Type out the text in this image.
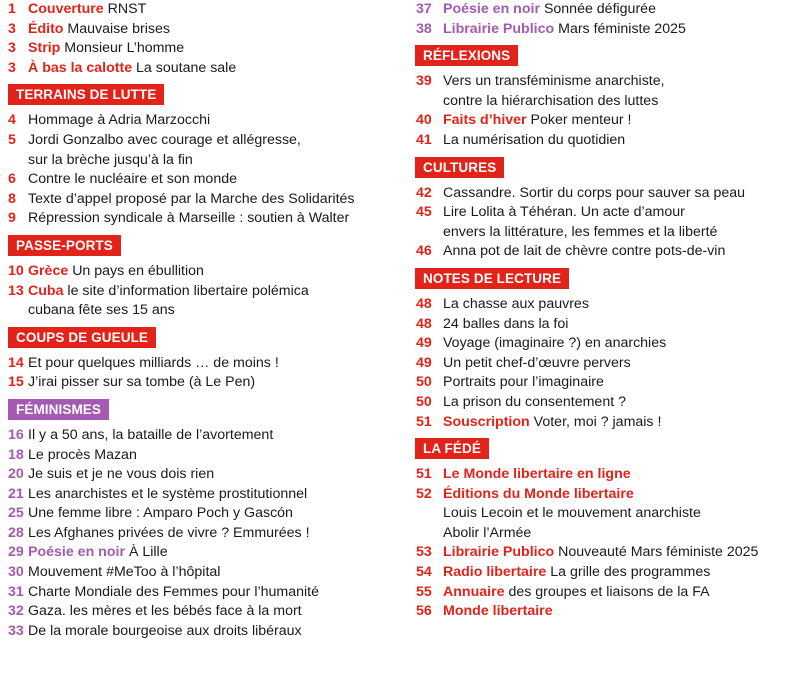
1 Couverture RNST
3 Édito Mauvaise brises
3 Strip Monsieur L’homme
3 À bas la calotte La soutane sale
TERRAINS DE LUTTE
4 Hommage à Adria Marzocchi
5 Jordi Gonzalbo avec courage et allégresse,
sur la brèche jusqu’à la fin
6 Contre le nucléaire et son monde
8 Texte d’appel proposé par la Marche des Solidarités
9 Répression syndicale à Marseille : soutien à Walter
PASSE-PORTS
10 Grèce Un pays en ébullition
13 Cuba le site d’information libertaire polémica
cubana fête ses 15 ans
COUPS DE GUEULE
14 Et pour quelques milliards … de moins !
15 J’irai pisser sur sa tombe (à Le Pen)
FÉMINISMES
16 Il y a 50 ans, la bataille de l’avortement
18 Le procès Mazan
20 Je suis et je ne vous dois rien
21 Les anarchistes et le système prostitutionnel
25 Une femme libre : Amparo Poch y Gascón
28 Les Afghanes privées de vivre ? Emmurées !
29 Poésie en noir À Lille
30 Mouvement #MeToo à l’hôpital
31 Charte Mondiale des Femmes pour l’humanité
32 Gaza. les mères et les bébés face à la mort
33 De la morale bourgeoise aux droits libéraux
37 Poésie en noir Sonnée défigurée
38 Librairie Publico Mars féministe 2025
RÉFLEXIONS
39 Vers un transféminisme anarchiste,
contre la hiérarchisation des luttes
40 Faits d’hiver Poker menteur !
41 La numérisation du quotidien
CULTURES
42 Cassandre. Sortir du corps pour sauver sa peau
45 Lire Lolita à Téhéran. Un acte d’amour
envers la littérature, les femmes et la liberté
46 Anna pot de lait de chèvre contre pots-de-vin
NOTES DE LECTURE
48 La chasse aux pauvres
48 24 balles dans la foi
49 Voyage (imaginaire ?) en anarchies
49 Un petit chef-d’œuvre pervers
50 Portraits pour l’imaginaire
50 La prison du consentement ?
51 Souscription Voter, moi ? jamais !
LA FÉDÉ
51 Le Monde libertaire en ligne
52 Éditions du Monde libertaire
Louis Lecoin et le mouvement anarchiste
Abolir l’Armée
53 Librairie Publico Nouveauté Mars féministe 2025
54 Radio libertaire La grille des programmes
55 Annuaire des groupes et liaisons de la FA
56 Monde libertaire
